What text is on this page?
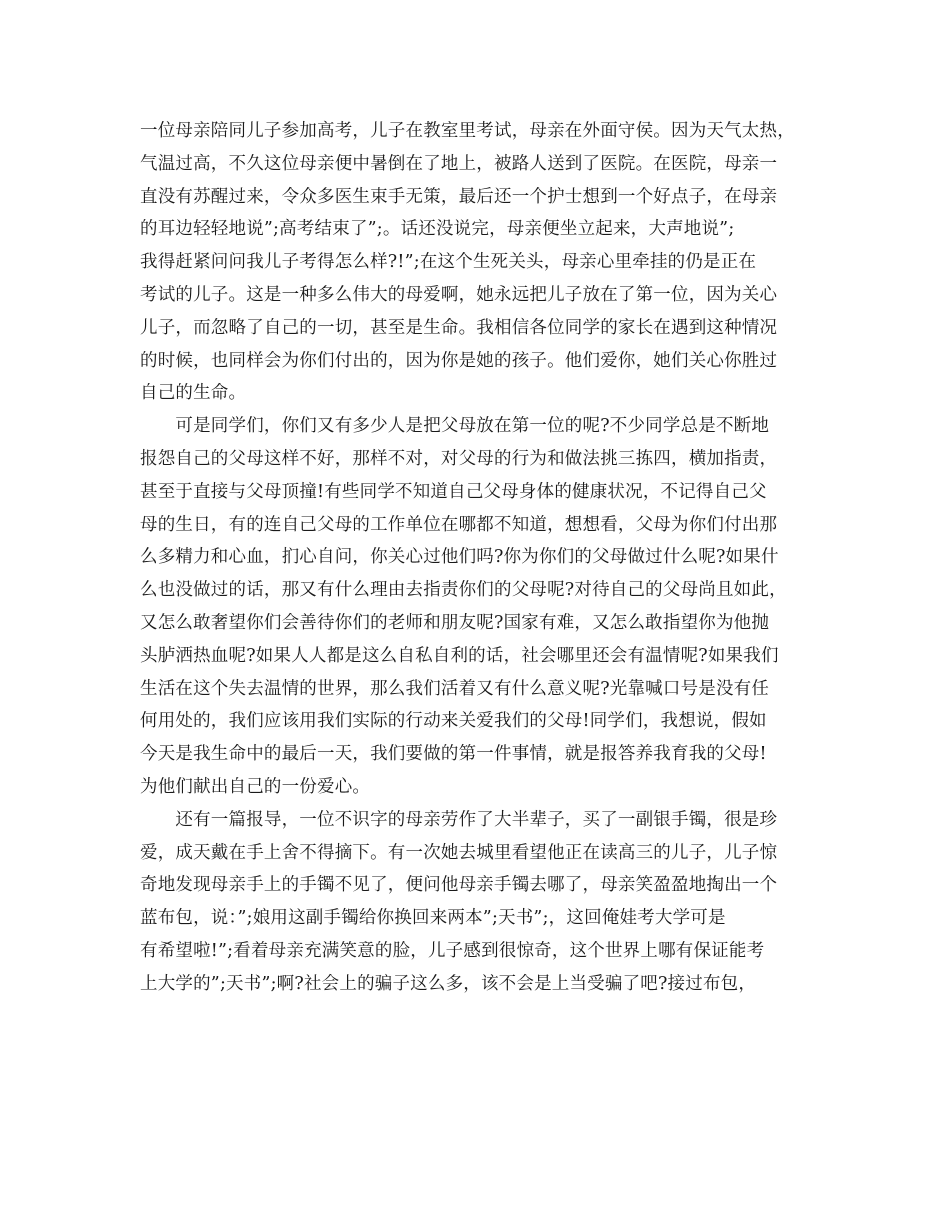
一位母亲陪同儿子参加高考，儿子在教室里考试，母亲在外面守侯。因为天气太热，
气温过高，不久这位母亲便中暑倒在了地上，被路人送到了医院。在医院，母亲一
直没有苏醒过来，令众多医生束手无策，最后还一个护士想到一个好点子，在母亲
的耳边轻轻地说”;高考结束了”;。话还没说完，母亲便坐立起来，大声地说”;
我得赶紧问问我儿子考得怎么样?!”;在这个生死关头，母亲心里牵挂的仍是正在
考试的儿子。这是一种多么伟大的母爱啊，她永远把儿子放在了第一位，因为关心
儿子，而忽略了自己的一切，甚至是生命。我相信各位同学的家长在遇到这种情况
的时候，也同样会为你们付出的，因为你是她的孩子。他们爱你，她们关心你胜过
自己的生命。
　　可是同学们，你们又有多少人是把父母放在第一位的呢?不少同学总是不断地
报怨自己的父母这样不好，那样不对，对父母的行为和做法挑三拣四，横加指责，
甚至于直接与父母顶撞!有些同学不知道自己父母身体的健康状况，不记得自己父
母的生日，有的连自己父母的工作单位在哪都不知道，想想看，父母为你们付出那
么多精力和心血，扪心自问，你关心过他们吗?你为你们的父母做过什么呢?如果什
么也没做过的话，那又有什么理由去指责你们的父母呢?对待自己的父母尚且如此，
又怎么敢奢望你们会善待你们的老师和朋友呢?国家有难，又怎么敢指望你为他抛
头胪洒热血呢?如果人人都是这么自私自利的话，社会哪里还会有温情呢?如果我们
生活在这个失去温情的世界，那么我们活着又有什么意义呢?光靠喊口号是没有任
何用处的，我们应该用我们实际的行动来关爱我们的父母!同学们，我想说，假如
今天是我生命中的最后一天，我们要做的第一件事情，就是报答养我育我的父母!
为他们献出自己的一份爱心。
　　还有一篇报导，一位不识字的母亲劳作了大半辈子，买了一副银手镯，很是珍
爱，成天戴在手上舍不得摘下。有一次她去城里看望他正在读高三的儿子，儿子惊
奇地发现母亲手上的手镯不见了，便问他母亲手镯去哪了，母亲笑盈盈地掏出一个
蓝布包，说：”;娘用这副手镯给你换回来两本”;天书”;，这回俺娃考大学可是
有希望啦!”;看着母亲充满笑意的脸，儿子感到很惊奇，这个世界上哪有保证能考
上大学的”;天书”;啊?社会上的骗子这么多，该不会是上当受骗了吧?接过布包，
